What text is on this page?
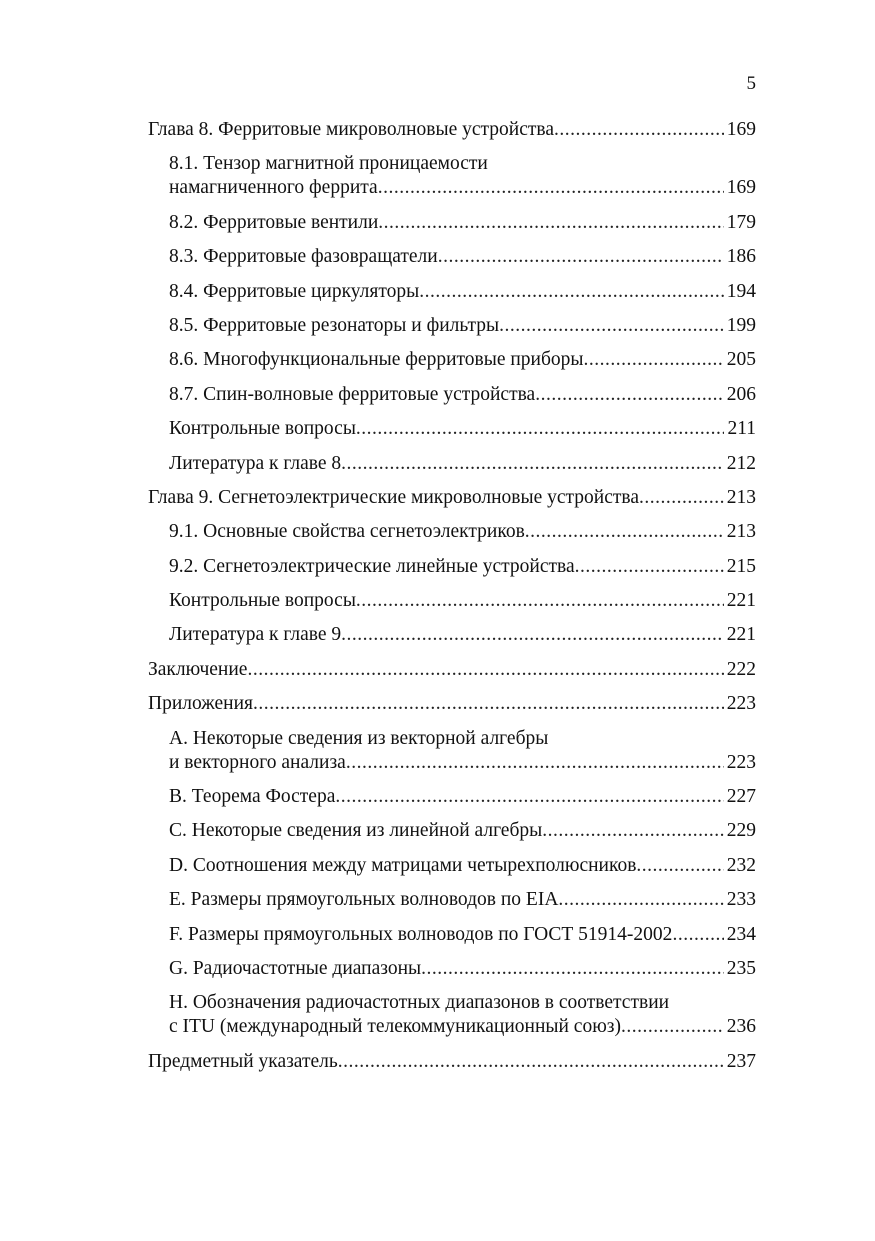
5
Глава 8. Ферритовые микроволновые устройства .....	169
8.1. Тензор магнитной проницаемости
намагниченного феррита .....	169
8.2. Ферритовые вентили .....	179
8.3. Ферритовые фазовращатели .....	186
8.4. Ферритовые циркуляторы .....	194
8.5. Ферритовые резонаторы и фильтры .....	199
8.6. Многофункциональные ферритовые приборы .....	205
8.7. Спин-волновые ферритовые устройства .....	206
Контрольные вопросы .....	211
Литература к главе 8 .....	212
Глава 9. Сегнетоэлектрические микроволновые устройства .....	213
9.1. Основные свойства сегнетоэлектриков .....	213
9.2. Сегнетоэлектрические линейные устройства .....	215
Контрольные вопросы .....	221
Литература к главе 9 .....	221
Заключение .....	222
Приложения .....	223
A. Некоторые сведения из векторной алгебры
и векторного анализа .....	223
B. Теорема Фостера .....	227
C. Некоторые сведения из линейной алгебры .....	229
D. Соотношения между матрицами четырехполюсников .....	232
E. Размеры прямоугольных волноводов по EIA .....	233
F. Размеры прямоугольных волноводов по ГОСТ 51914-2002 .....	234
G. Радиочастотные диапазоны .....	235
H. Обозначения радиочастотных диапазонов в соответствии
с ITU (международный телекоммуникационный союз) .....	236
Предметный указатель .....	237
